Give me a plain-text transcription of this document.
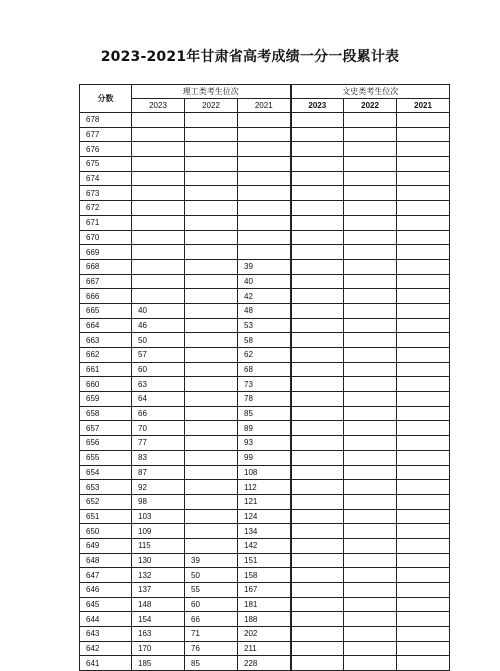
2023-2021年甘肃省高考成绩一分一段累计表
分数	理工类考生位次			文史类考生位次		
	2023	2022	2021	2023	2022	2021
678						
677						
676						
675						
674						
673						
672						
671						
670						
669						
668			39			
667			40			
666			42			
665	40		48			
664	46		53			
663	50		58			
662	57		62			
661	60		68			
660	63		73			
659	64		78			
658	66		85			
657	70		89			
656	77		93			
655	83		99			
654	87		108			
653	92		112			
652	98		121			
651	103		124			
650	109		134			
649	115		142			
648	130	39	151			
647	132	50	158			
646	137	55	167			
645	148	60	181			
644	154	66	188			
643	163	71	202			
642	170	76	211			
641	185	85	228			
